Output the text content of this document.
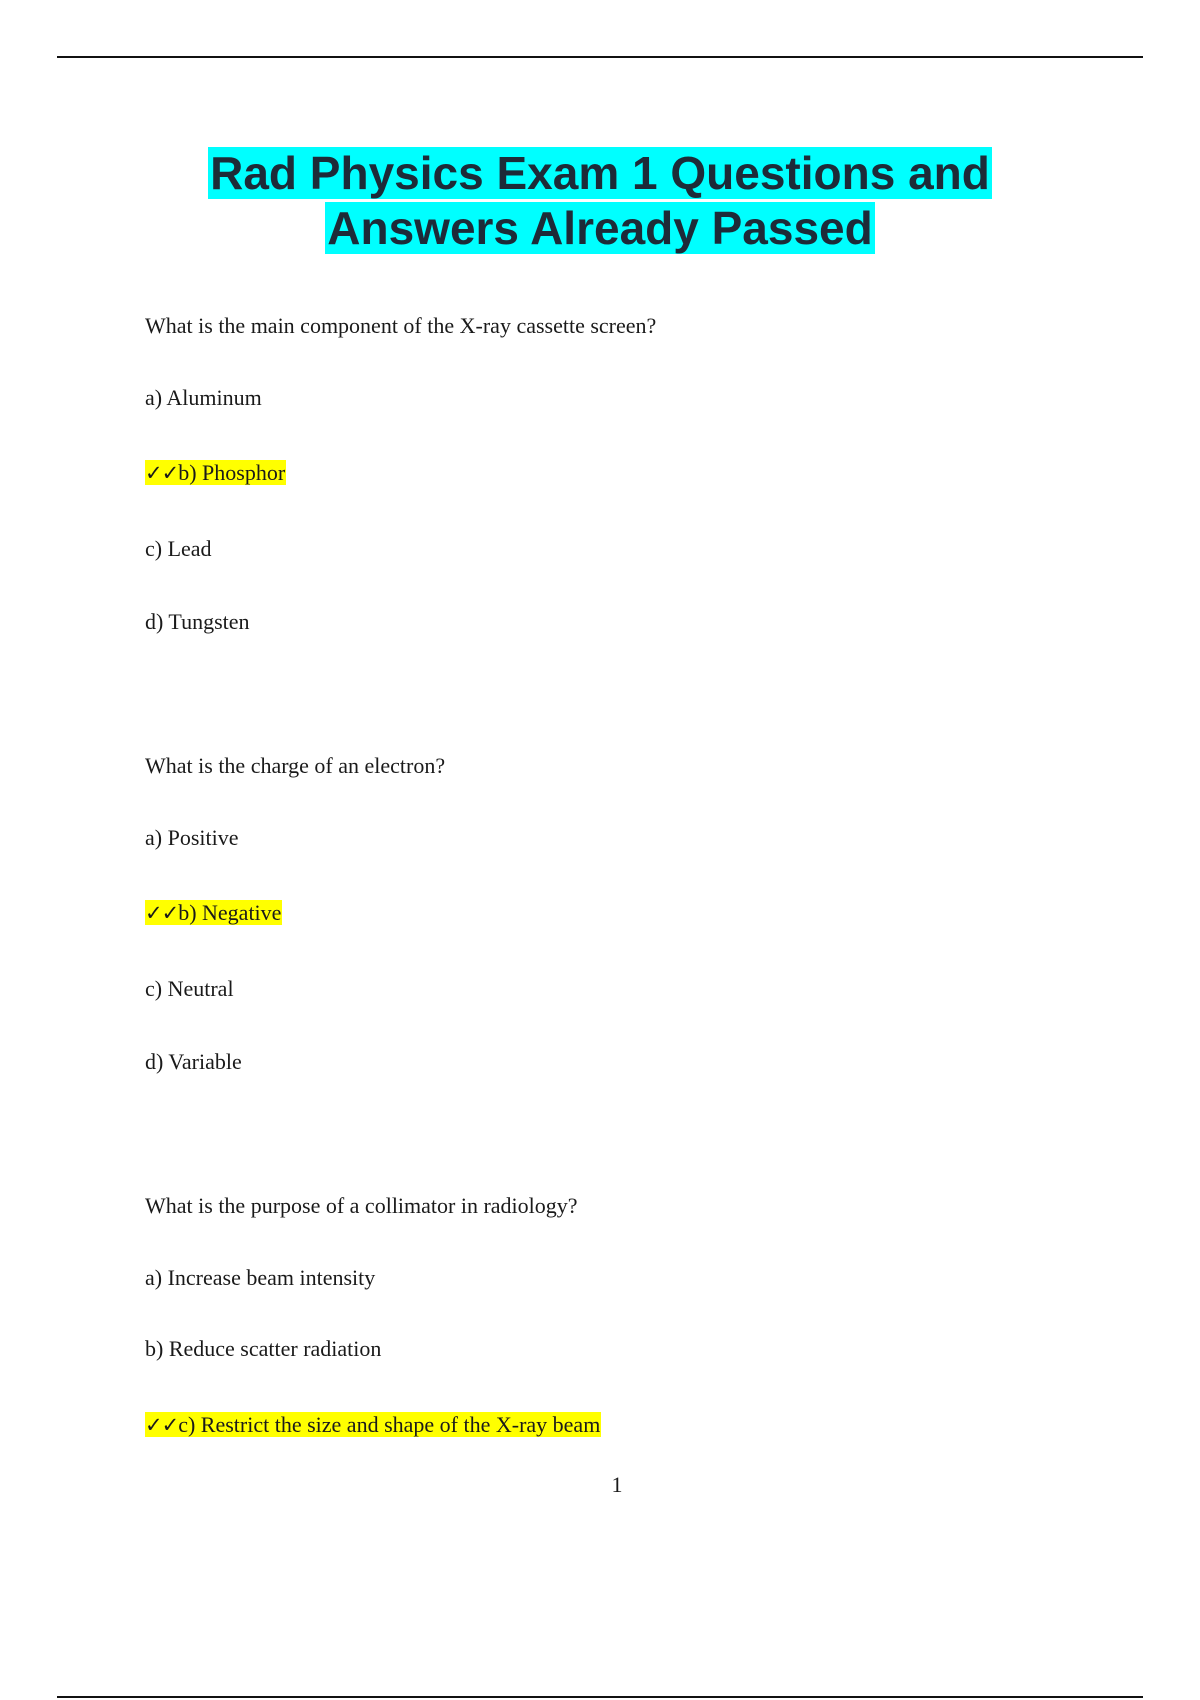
Rad Physics Exam 1 Questions and
Answers Already Passed
What is the main component of the X-ray cassette screen?
a) Aluminum
✓✓b) Phosphor
c) Lead
d) Tungsten
What is the charge of an electron?
a) Positive
✓✓b) Negative
c) Neutral
d) Variable
What is the purpose of a collimator in radiology?
a) Increase beam intensity
b) Reduce scatter radiation
✓✓c) Restrict the size and shape of the X-ray beam
1
